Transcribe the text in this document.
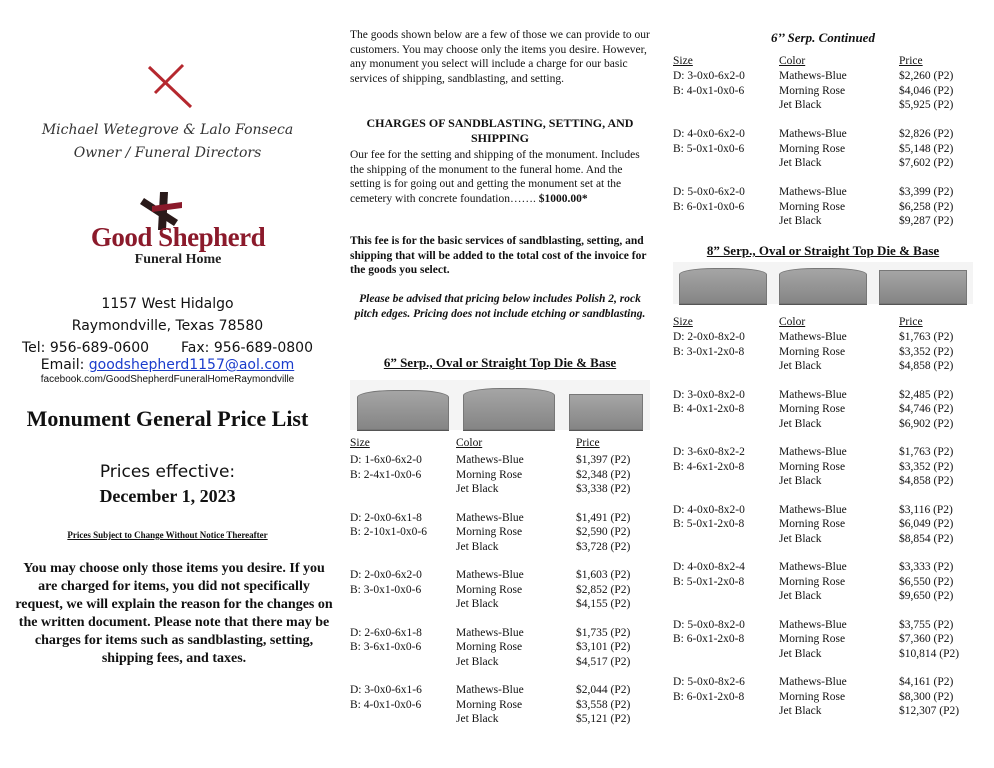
Michael Wetegrove & Lalo Fonseca
Owner / Funeral Directors
Good Shepherd
Funeral Home
1157 West Hidalgo
Raymondville, Texas 78580
Tel: 956-689-0600 Fax: 956-689-0800
Email: goodshepherd1157@aol.com
facebook.com/GoodShepherdFuneralHomeRaymondville
Monument General Price List
Prices effective:
December 1, 2023
Prices Subject to Change Without Notice Thereafter
You may choose only those items you desire. If you are charged for items, you did not specifically request, we will explain the reason for the changes on the written document. Please note that there may be charges for items such as sandblasting, setting, shipping fees, and taxes.

The goods shown below are a few of those we can provide to our customers. You may choose only the items you desire. However, any monument you select will include a charge for our basic services of shipping, sandblasting, and setting.

CHARGES OF SANDBLASTING, SETTING, AND SHIPPING

Our fee for the setting and shipping of the monument. Includes the shipping of the monument to the funeral home. And the setting is for going out and getting the monument set at the cemetery with concrete foundation……. $1000.00*

This fee is for the basic services of sandblasting, setting, and shipping that will be added to the total cost of the invoice for the goods you select.

Please be advised that pricing below includes Polish 2, rock pitch edges. Pricing does not include etching or sandblasting.

6” Serp., Oval or Straight Top Die & Base
Size	Color	Price
D: 1-6x0-6x2-0
B: 2-4x1-0x0-6
Mathews-Blue	$1,397 (P2)
Morning Rose	$2,348 (P2)
Jet Black	$3,338 (P2)
D: 2-0x0-6x1-8
B: 2-10x1-0x0-6
Mathews-Blue	$1,491 (P2)
Morning Rose	$2,590 (P2)
Jet Black	$3,728 (P2)
D: 2-0x0-6x2-0
B: 3-0x1-0x0-6
Mathews-Blue	$1,603 (P2)
Morning Rose	$2,852 (P2)
Jet Black	$4,155 (P2)
D: 2-6x0-6x1-8
B: 3-6x1-0x0-6
Mathews-Blue	$1,735 (P2)
Morning Rose	$3,101 (P2)
Jet Black	$4,517 (P2)
D: 3-0x0-6x1-6
B: 4-0x1-0x0-6
Mathews-Blue	$2,044 (P2)
Morning Rose	$3,558 (P2)
Jet Black	$5,121 (P2)
6’’ Serp. Continued
Size	Color	Price
D: 3-0x0-6x2-0
B: 4-0x1-0x0-6
Mathews-Blue	$2,260 (P2)
Morning Rose	$4,046 (P2)
Jet Black	$5,925 (P2)
D: 4-0x0-6x2-0
B: 5-0x1-0x0-6
Mathews-Blue	$2,826 (P2)
Morning Rose	$5,148 (P2)
Jet Black	$7,602 (P2)
D: 5-0x0-6x2-0
B: 6-0x1-0x0-6
Mathews-Blue	$3,399 (P2)
Morning Rose	$6,258 (P2)
Jet Black	$9,287 (P2)
8” Serp., Oval or Straight Top Die & Base
Size	Color	Price
D: 2-0x0-8x2-0
B: 3-0x1-2x0-8
Mathews-Blue	$1,763 (P2)
Morning Rose	$3,352 (P2)
Jet Black	$4,858 (P2)
D: 3-0x0-8x2-0
B: 4-0x1-2x0-8
Mathews-Blue	$2,485 (P2)
Morning Rose	$4,746 (P2)
Jet Black	$6,902 (P2)
D: 3-6x0-8x2-2
B: 4-6x1-2x0-8
Mathews-Blue	$1,763 (P2)
Morning Rose	$3,352 (P2)
Jet Black	$4,858 (P2)
D: 4-0x0-8x2-0
B: 5-0x1-2x0-8
Mathews-Blue	$3,116 (P2)
Morning Rose	$6,049 (P2)
Jet Black	$8,854 (P2)
D: 4-0x0-8x2-4
B: 5-0x1-2x0-8
Mathews-Blue	$3,333 (P2)
Morning Rose	$6,550 (P2)
Jet Black	$9,650 (P2)
D: 5-0x0-8x2-0
B: 6-0x1-2x0-8
Mathews-Blue	$3,755 (P2)
Morning Rose	$7,360 (P2)
Jet Black	$10,814 (P2)
D: 5-0x0-8x2-6
B: 6-0x1-2x0-8
Mathews-Blue	$4,161 (P2)
Morning Rose	$8,300 (P2)
Jet Black	$12,307 (P2)
